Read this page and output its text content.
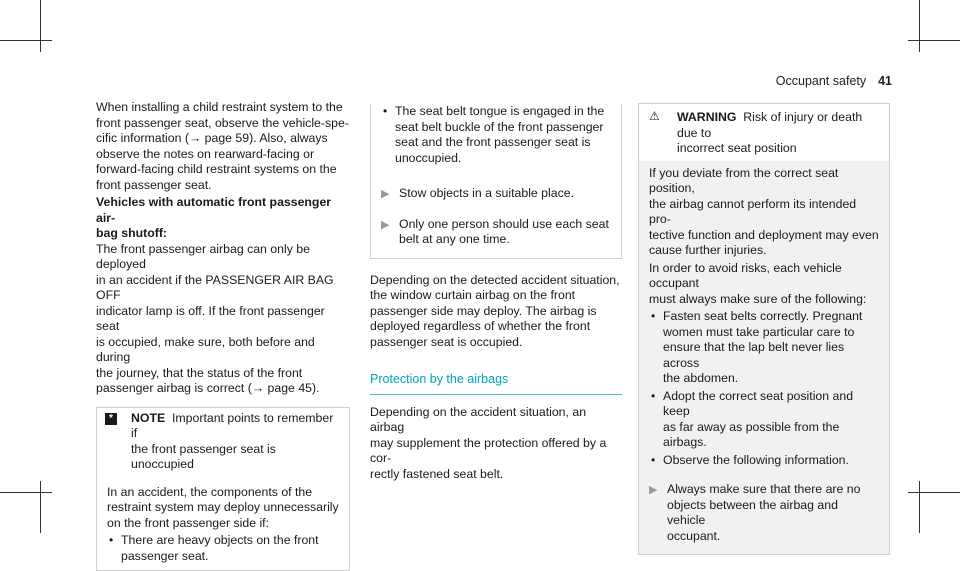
Occupant safety 41

When installing a child restraint system to the
front passenger seat, observe the vehicle-spe-
cific information (→ page 59). Also, always
observe the notes on rearward-facing or
forward-facing child restraint systems on the
front passenger seat.

Vehicles with automatic front passenger air-
bag shutoff:

The front passenger airbag can only be deployed
in an accident if the PASSENGER AIR BAG OFF
indicator lamp is off. If the front passenger seat
is occupied, make sure, both before and during
the journey, that the status of the front
passenger airbag is correct (→ page 45).

*	NOTE Important points to remember if
the front passenger seat is unoccupied
In an accident, the components of the
restraint system may deploy unnecessarily
on the front passenger side if:
•
There are heavy objects on the front
passenger seat.
•
The seat belt tongue is engaged in the
seat belt buckle of the front passenger
seat and the front passenger seat is
unoccupied.
▶ Stow objects in a suitable place.
▶ Only one person should use each seat
belt at any one time.

Depending on the detected accident situation,
the window curtain airbag on the front
passenger side may deploy. The airbag is
deployed regardless of whether the front
passenger seat is occupied.

Protection by the airbags

Depending on the accident situation, an airbag
may supplement the protection offered by a cor-
rectly fastened seat belt.

⚠ WARNING Risk of injury or death due to
incorrect seat position

If you deviate from the correct seat position,
the airbag cannot perform its intended pro-
tective function and deployment may even
cause further injuries.

In order to avoid risks, each vehicle occupant
must always make sure of the following:

•
Fasten seat belts correctly. Pregnant
women must take particular care to
ensure that the lap belt never lies across
the abdomen.
•
Adopt the correct seat position and keep
as far away as possible from the airbags.
•
Observe the following information.
▶ Always make sure that there are no
objects between the airbag and vehicle
occupant.
